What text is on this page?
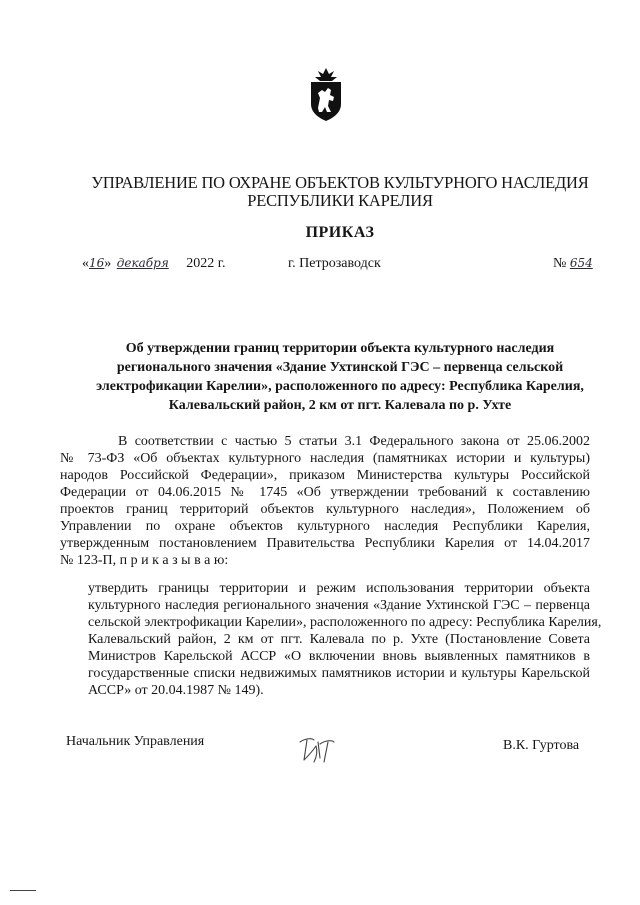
УПРАВЛЕНИЕ ПО ОХРАНЕ ОБЪЕКТОВ КУЛЬТУРНОГО НАСЛЕДИЯ
РЕСПУБЛИКИ КАРЕЛИЯ
ПРИКАЗ
«16» декабря 2022 г.	г. Петрозаводск	№ 654
Об утверждении границ территории объекта культурного наследия
регионального значения «Здание Ухтинской ГЭС – первенца сельской
электрофикации Карелии», расположенного по адресу: Республика Карелия,
Калевальский район, 2 км от пгт. Калевала по р. Ухте
В соответствии с частью 5 статьи 3.1 Федерального закона от 25.06.2002
№ 73-ФЗ «Об объектах культурного наследия (памятниках истории и культуры)
народов Российской Федерации», приказом Министерства культуры Российской
Федерации от 04.06.2015 № 1745 «Об утверждении требований к составлению
проектов границ территорий объектов культурного наследия», Положением об
Управлении по охране объектов культурного наследия Республики Карелия,
утвержденным постановлением Правительства Республики Карелия от 14.04.2017
№ 123-П, п р и к а з ы в а ю:
утвердить границы территории и режим использования территории объекта
культурного наследия регионального значения «Здание Ухтинской ГЭС – первенца
сельской электрофикации Карелии», расположенного по адресу: Республика Карелия,
Калевальский район, 2 км от пгт. Калевала по р. Ухте (Постановление Совета
Министров Карельской АССР «О включении вновь выявленных памятников в
государственные списки недвижимых памятников истории и культуры Карельской
АССР» от 20.04.1987 № 149).
Начальник Управления	В.К. Гуртова
